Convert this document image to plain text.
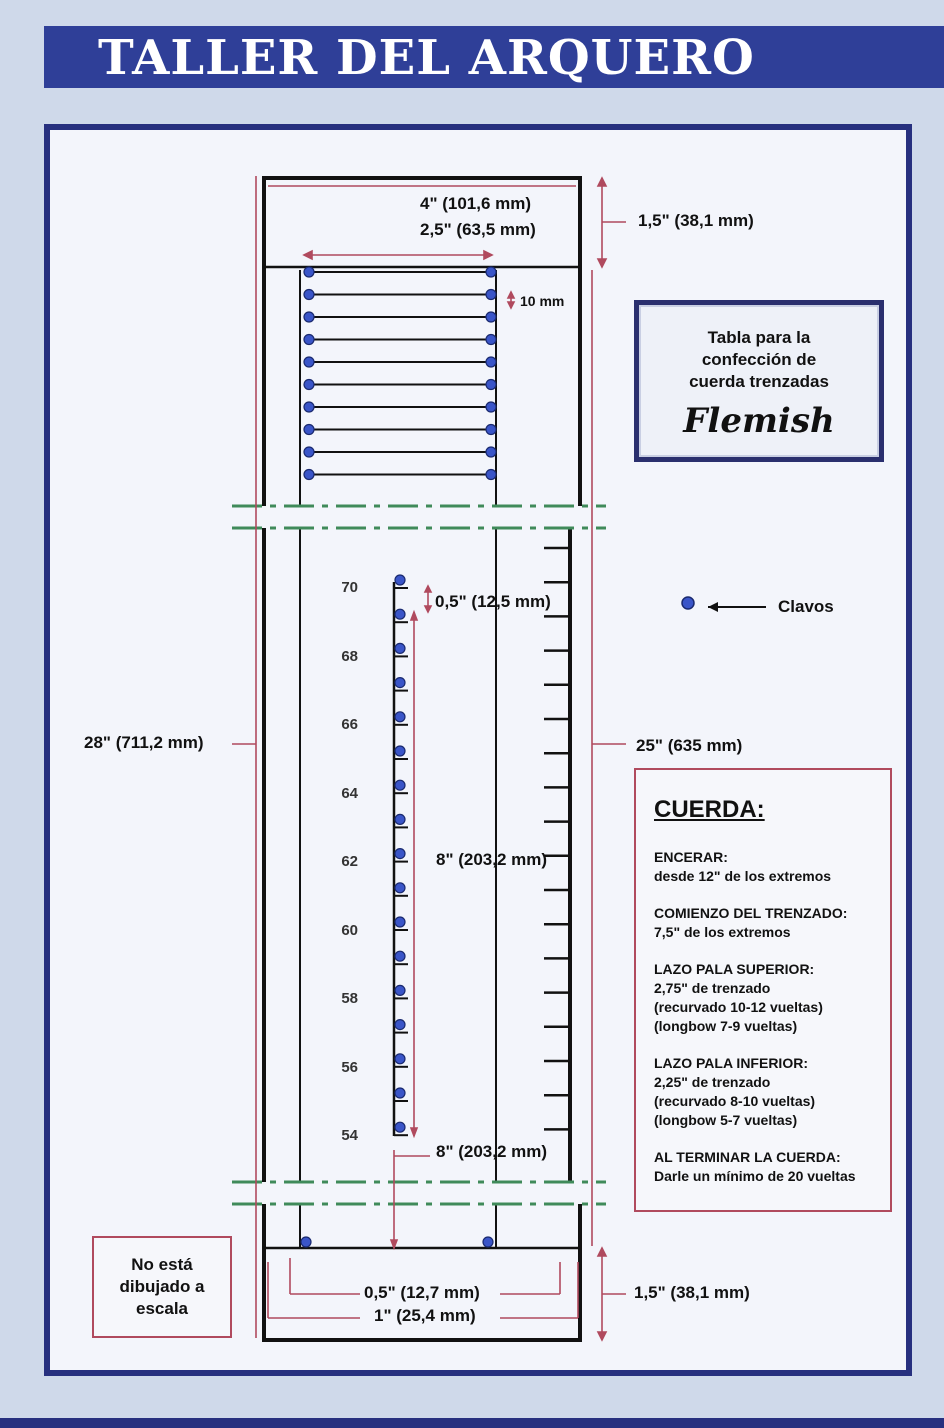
TALLER DEL ARQUERO
4" (101,6 mm)
2,5" (63,5 mm)	1,5" (38,1 mm)
10 mm
28" (711,2 mm)	25" (635 mm)
0,5" (12,5 mm)
8" (203,2 mm)
8" (203,2 mm)
0,5" (12,7 mm)
1" (25,4 mm)
1,5" (38,1 mm)
Clavos
70
68
66
64
62
60
58
56
54
Tabla para la
confección de
cuerda trenzadas
Flemish
CUERDA:
ENCERAR:
desde 12" de los extremos
COMIENZO DEL TRENZADO:
7,5" de los extremos
LAZO PALA SUPERIOR:
2,75" de trenzado
(recurvado 10-12 vueltas)
(longbow 7-9 vueltas)
LAZO PALA INFERIOR:
2,25" de trenzado
(recurvado 8-10 vueltas)
(longbow 5-7 vueltas)
AL TERMINAR LA CUERDA:
Darle un mínimo de 20 vueltas
No está
dibujado a
escala
